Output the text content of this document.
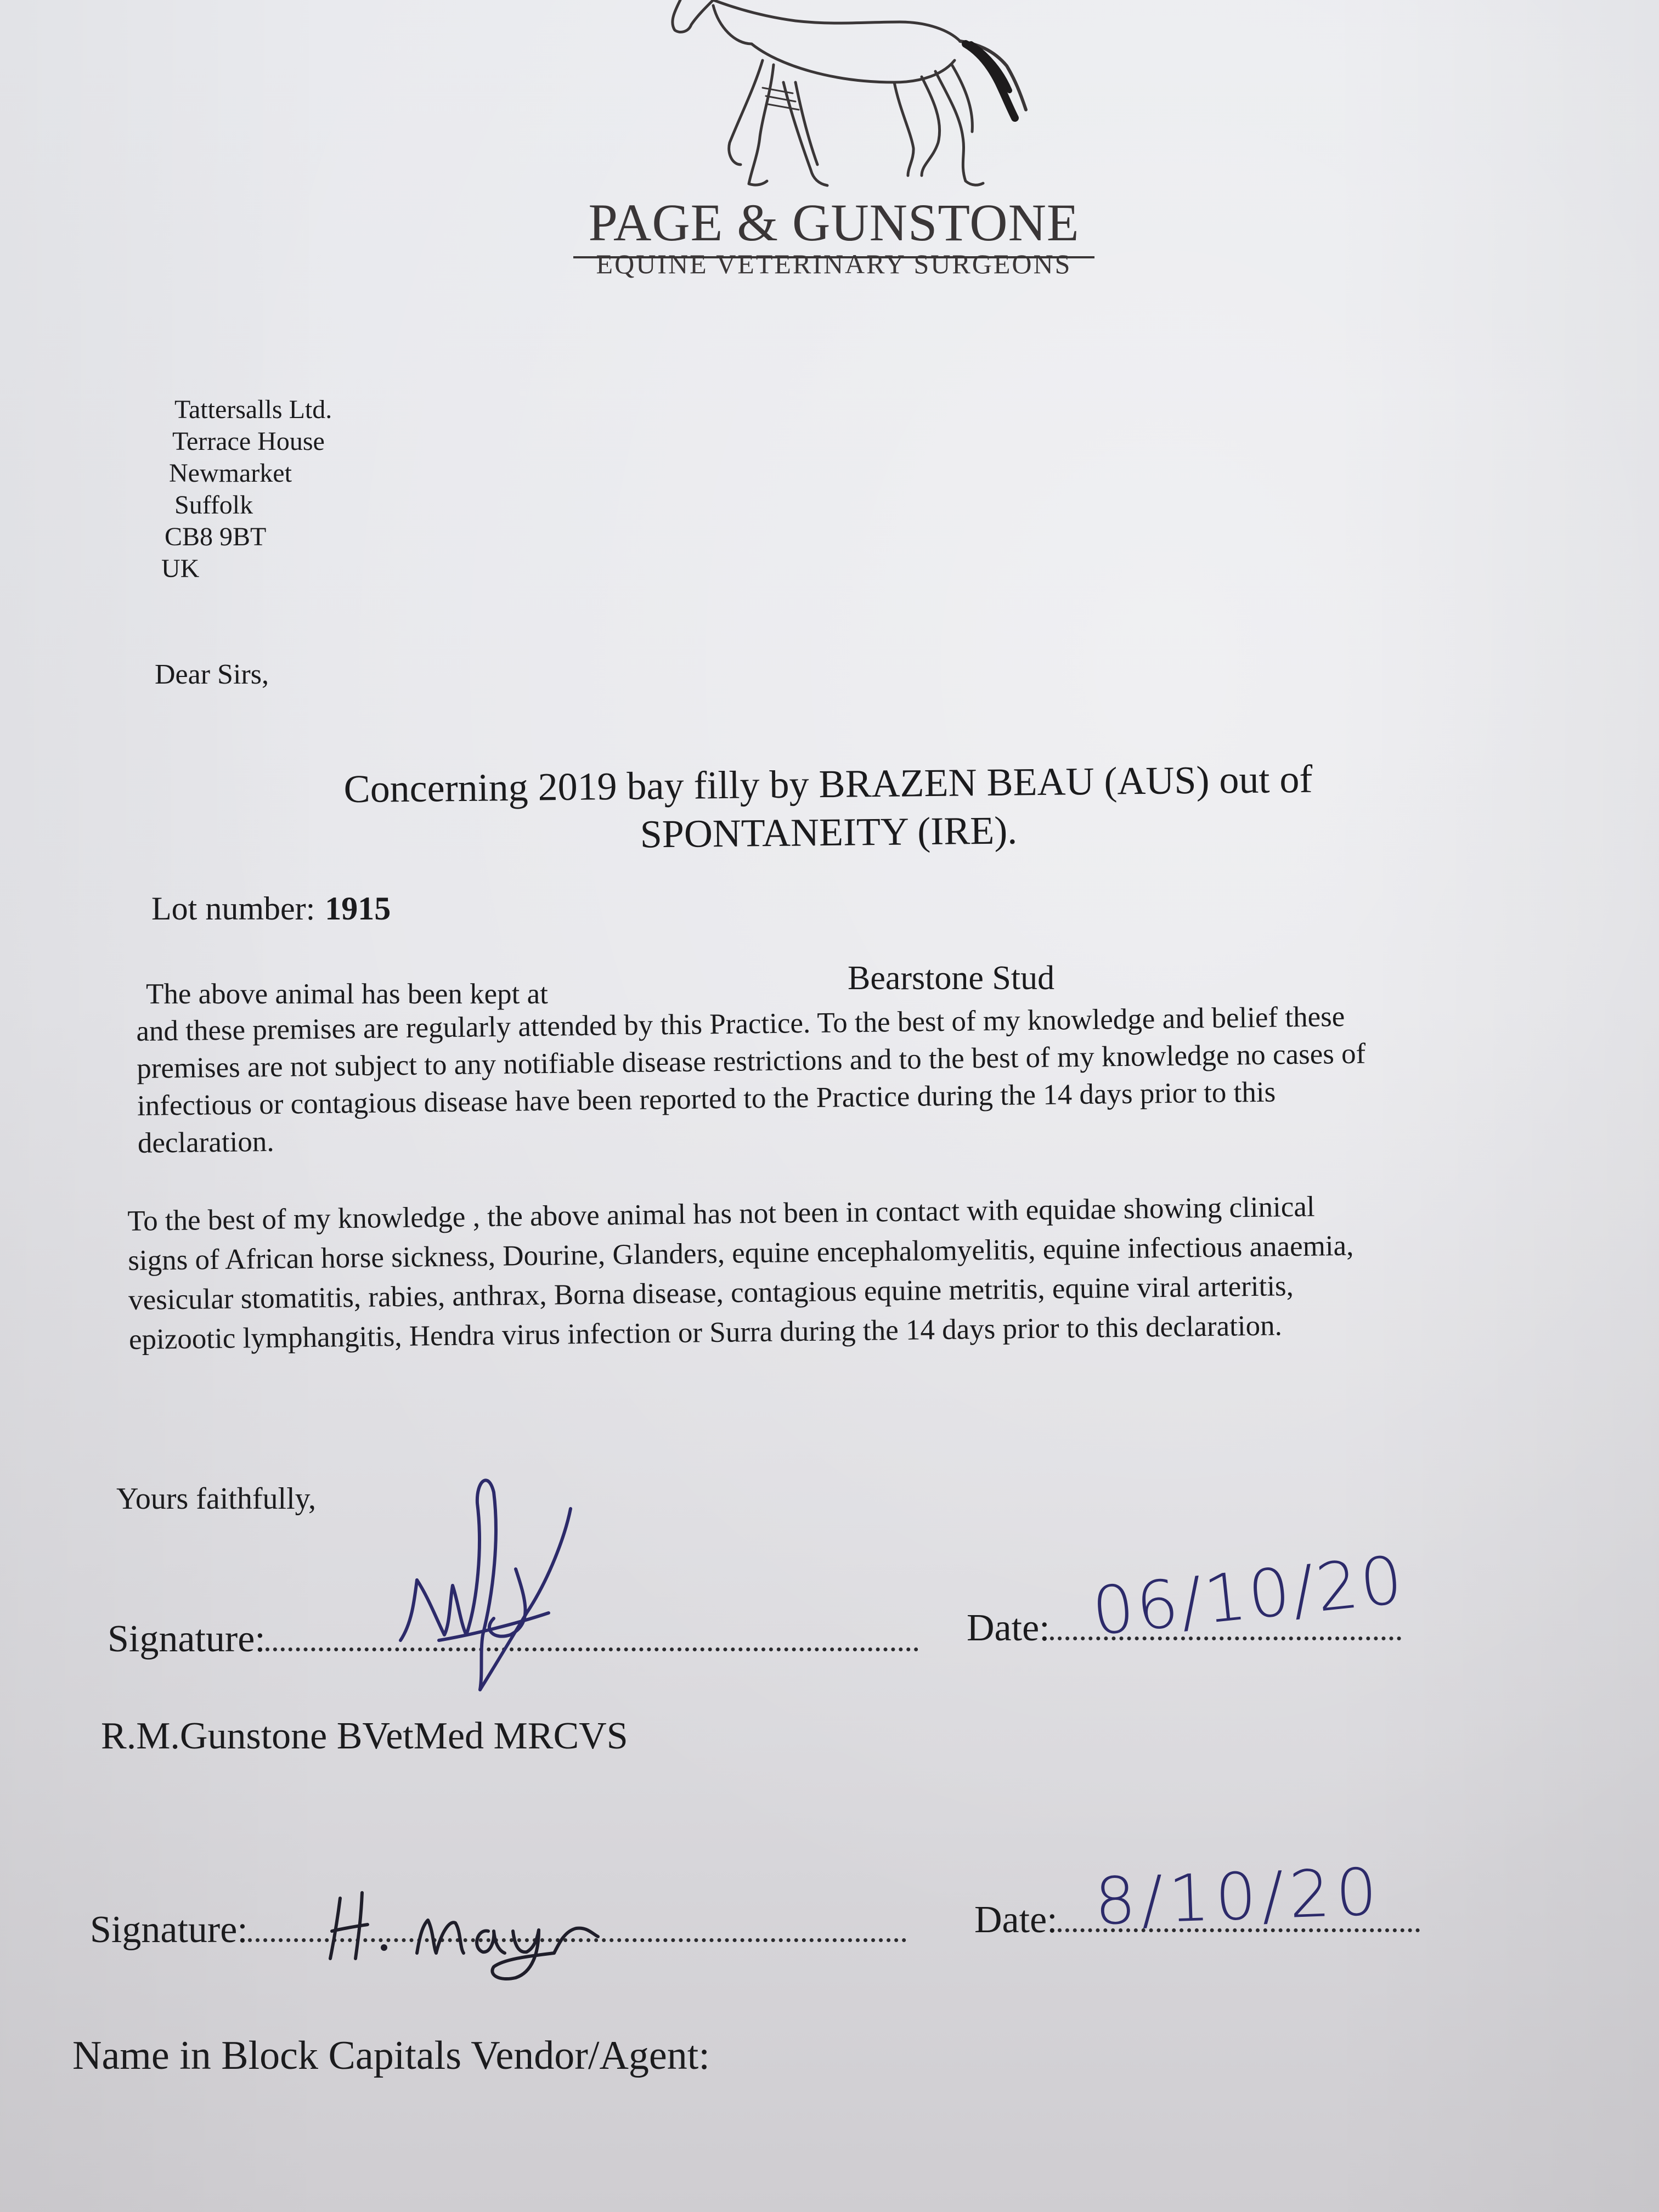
PAGE & GUNSTONE
EQUINE VETERINARY SURGEONS
Tattersalls Ltd.
Terrace House
Newmarket
Suffolk
CB8 9BT
UK
Dear Sirs,
Concerning 2019 bay filly by BRAZEN BEAU (AUS) out of
SPONTANEITY (IRE).
Lot number: 1915
The above animal has been kept at	Bearstone Stud
and these premises are regularly attended by this Practice. To the best of my knowledge and belief these
premises are not subject to any notifiable disease restrictions and to the best of my knowledge no cases of
infectious or contagious disease have been reported to the Practice during the 14 days prior to this
declaration.
To the best of my knowledge , the above animal has not been in contact with equidae showing clinical
signs of African horse sickness, Dourine, Glanders, equine encephalomyelitis, equine infectious anaemia,
vesicular stomatitis, rabies, anthrax, Borna disease, contagious equine metritis, equine viral arteritis,
epizootic lymphangitis, Hendra virus infection or Surra during the 14 days prior to this declaration.
Yours faithfully,
Signature:	Date: 06/10/20
R.M.Gunstone BVetMed MRCVS
Signature:	Date: 8/10/20
Name in Block Capitals Vendor/Agent:
